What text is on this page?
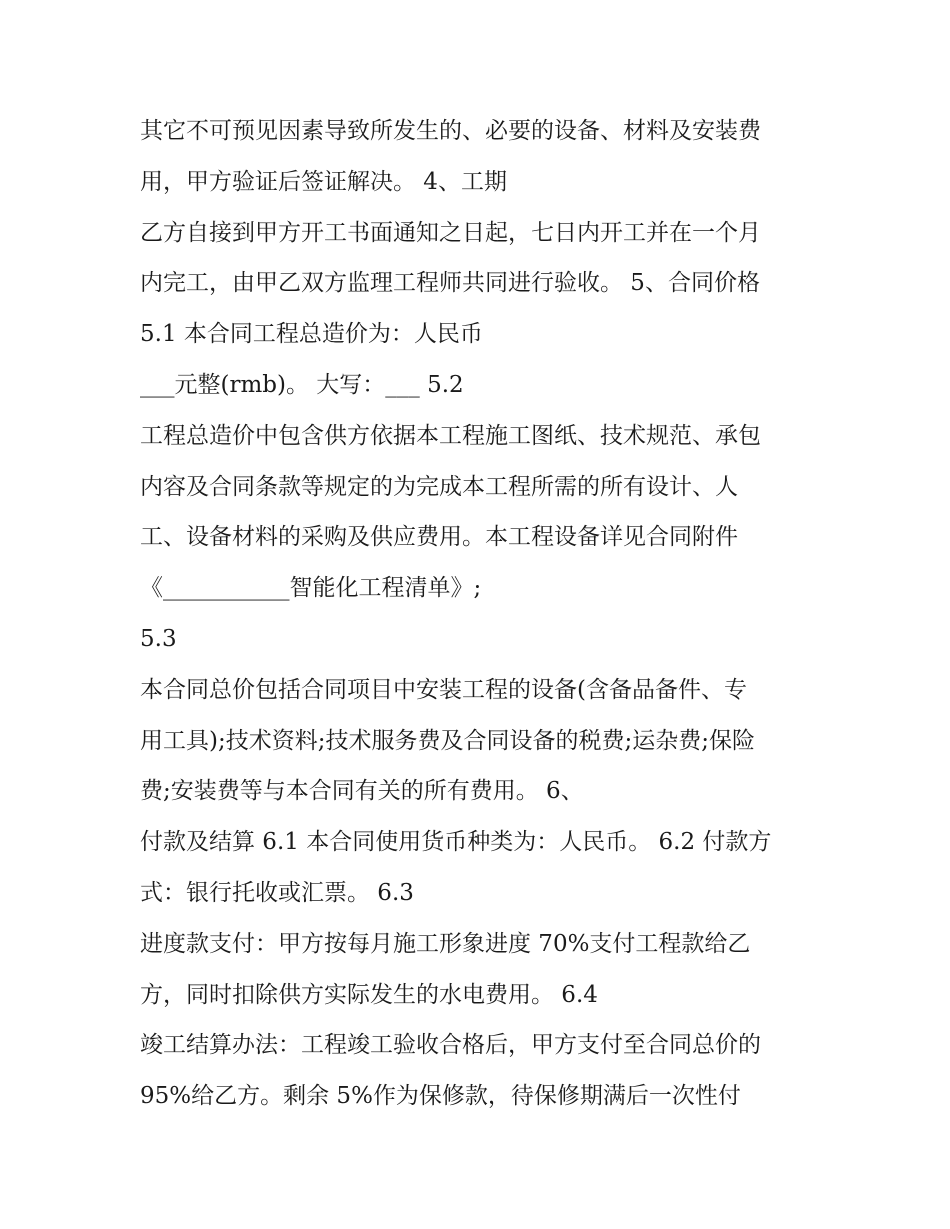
其它不可预见因素导致所发生的、必要的设备、材料及安装费

用，甲方验证后签证解决。 4、工期

乙方自接到甲方开工书面通知之日起，七日内开工并在一个月

内完工，由甲乙双方监理工程师共同进行验收。 5、合同价格

5.1 本合同工程总造价为：人民币

___元整(rmb)。 大写：___ 5.2

工程总造价中包含供方依据本工程施工图纸、技术规范、承包

内容及合同条款等规定的为完成本工程所需的所有设计、人

工、设备材料的采购及供应费用。本工程设备详见合同附件

《___________智能化工程清单》;

5.3

本合同总价包括合同项目中安装工程的设备(含备品备件、专

用工具);技术资料;技术服务费及合同设备的税费;运杂费;保险

费;安装费等与本合同有关的所有费用。 6、

付款及结算 6.1 本合同使用货币种类为：人民币。 6.2 付款方

式：银行托收或汇票。 6.3

进度款支付：甲方按每月施工形象进度 70%支付工程款给乙

方，同时扣除供方实际发生的水电费用。 6.4

竣工结算办法：工程竣工验收合格后，甲方支付至合同总价的

95%给乙方。剩余 5%作为保修款，待保修期满后一次性付
